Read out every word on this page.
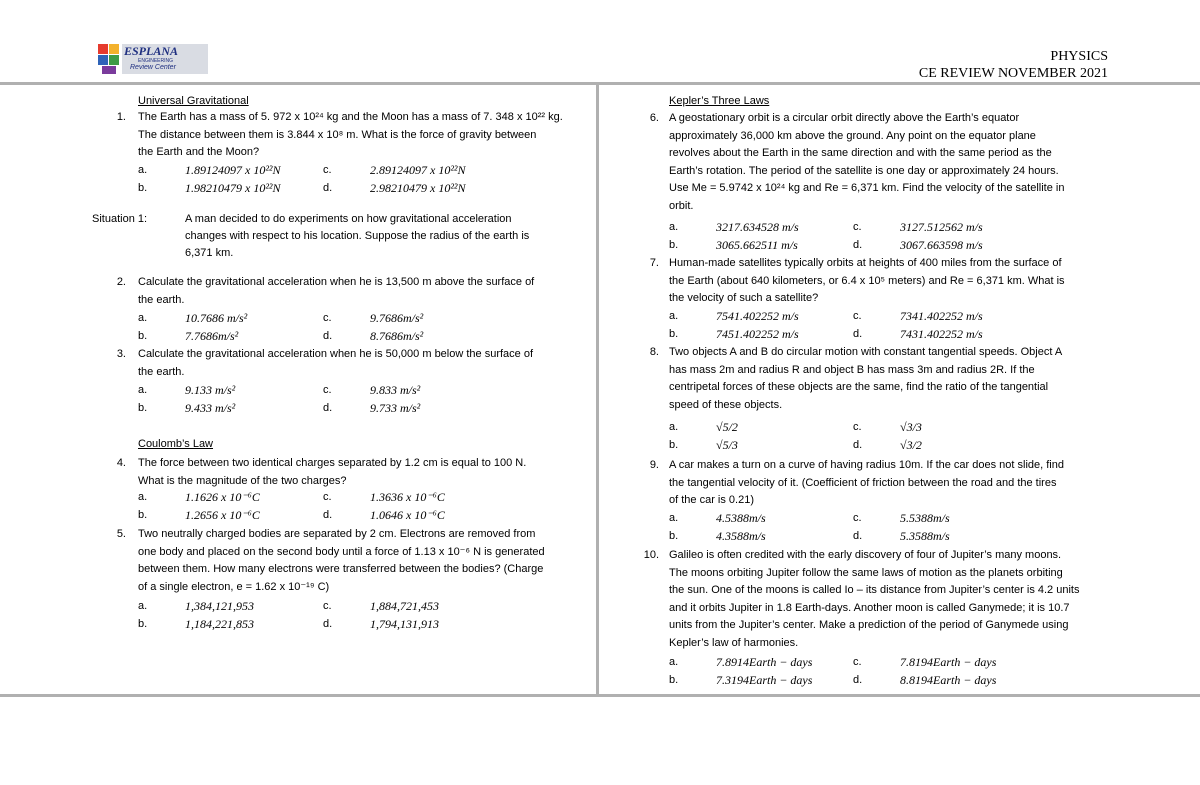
ESPLANA
ENGINEERING
Review Center
PHYSICS
CE REVIEW NOVEMBER 2021
Universal Gravitational
1. The Earth has a mass of 5. 972 x 10²⁴ kg and the Moon has a mass of 7. 348 x 10²² kg.
The distance between them is 3.844 x 10⁸ m. What is the force of gravity between
the Earth and the Moon?
a.	1.89124097 x 10²²N	c.	2.89124097 x 10²²N
b.	1.98210479 x 10²²N	d.	2.98210479 x 10²²N
Situation 1:	A man decided to do experiments on how gravitational acceleration
changes with respect to his location. Suppose the radius of the earth is
6,371 km.
2. Calculate the gravitational acceleration when he is 13,500 m above the surface of
the earth.
a.	10.7686 m/s²	c.	9.7686m/s²
b.	7.7686m/s²	d.	8.7686m/s²
3. Calculate the gravitational acceleration when he is 50,000 m below the surface of
the earth.
a.	9.133 m/s²	c.	9.833 m/s²
b.	9.433 m/s²	d.	9.733 m/s²
Coulomb’s Law
4. The force between two identical charges separated by 1.2 cm is equal to 100 N.
What is the magnitude of the two charges?
a.	1.1626 x 10⁻⁶C	c.	1.3636 x 10⁻⁶C
b.	1.2656 x 10⁻⁶C	d.	1.0646 x 10⁻⁶C
5. Two neutrally charged bodies are separated by 2 cm. Electrons are removed from
one body and placed on the second body until a force of 1.13 x 10⁻⁶ N is generated
between them. How many electrons were transferred between the bodies? (Charge
of a single electron, e = 1.62 x 10⁻¹⁹ C)
a.	1,384,121,953	c.	1,884,721,453
b.	1,184,221,853	d.	1,794,131,913
Kepler’s Three Laws
6. A geostationary orbit is a circular orbit directly above the Earth’s equator
approximately 36,000 km above the ground. Any point on the equator plane
revolves about the Earth in the same direction and with the same period as the
Earth’s rotation. The period of the satellite is one day or approximately 24 hours.
Use Me = 5.9742 x 10²⁴ kg and Re = 6,371 km. Find the velocity of the satellite in
orbit.
a.	3217.634528 m/s	c.	3127.512562 m/s
b.	3065.662511 m/s	d.	3067.663598 m/s
7. Human-made satellites typically orbits at heights of 400 miles from the surface of
the Earth (about 640 kilometers, or 6.4 x 10⁵ meters) and Re = 6,371 km. What is
the velocity of such a satellite?
a.	7541.402252 m/s	c.	7341.402252 m/s
b.	7451.402252 m/s	d.	7431.402252 m/s
8. Two objects A and B do circular motion with constant tangential speeds. Object A
has mass 2m and radius R and object B has mass 3m and radius 2R. If the
centripetal forces of these objects are the same, find the ratio of the tangential
speed of these objects.
a.	√5/2	c.	√3/3
b.	√5/3	d.	√3/2
9. A car makes a turn on a curve of having radius 10m. If the car does not slide, find
the tangential velocity of it. (Coefficient of friction between the road and the tires
of the car is 0.21)
a.	4.5388m/s	c.	5.5388m/s
b.	4.3588m/s	d.	5.3588m/s
10. Galileo is often credited with the early discovery of four of Jupiter’s many moons.
The moons orbiting Jupiter follow the same laws of motion as the planets orbiting
the sun. One of the moons is called Io – its distance from Jupiter’s center is 4.2 units
and it orbits Jupiter in 1.8 Earth-days. Another moon is called Ganymede; it is 10.7
units from the Jupiter’s center. Make a prediction of the period of Ganymede using
Kepler’s law of harmonies.
a.	7.8914Earth − days	c.	7.8194Earth − days
b.	7.3194Earth − days	d.	8.8194Earth − days
